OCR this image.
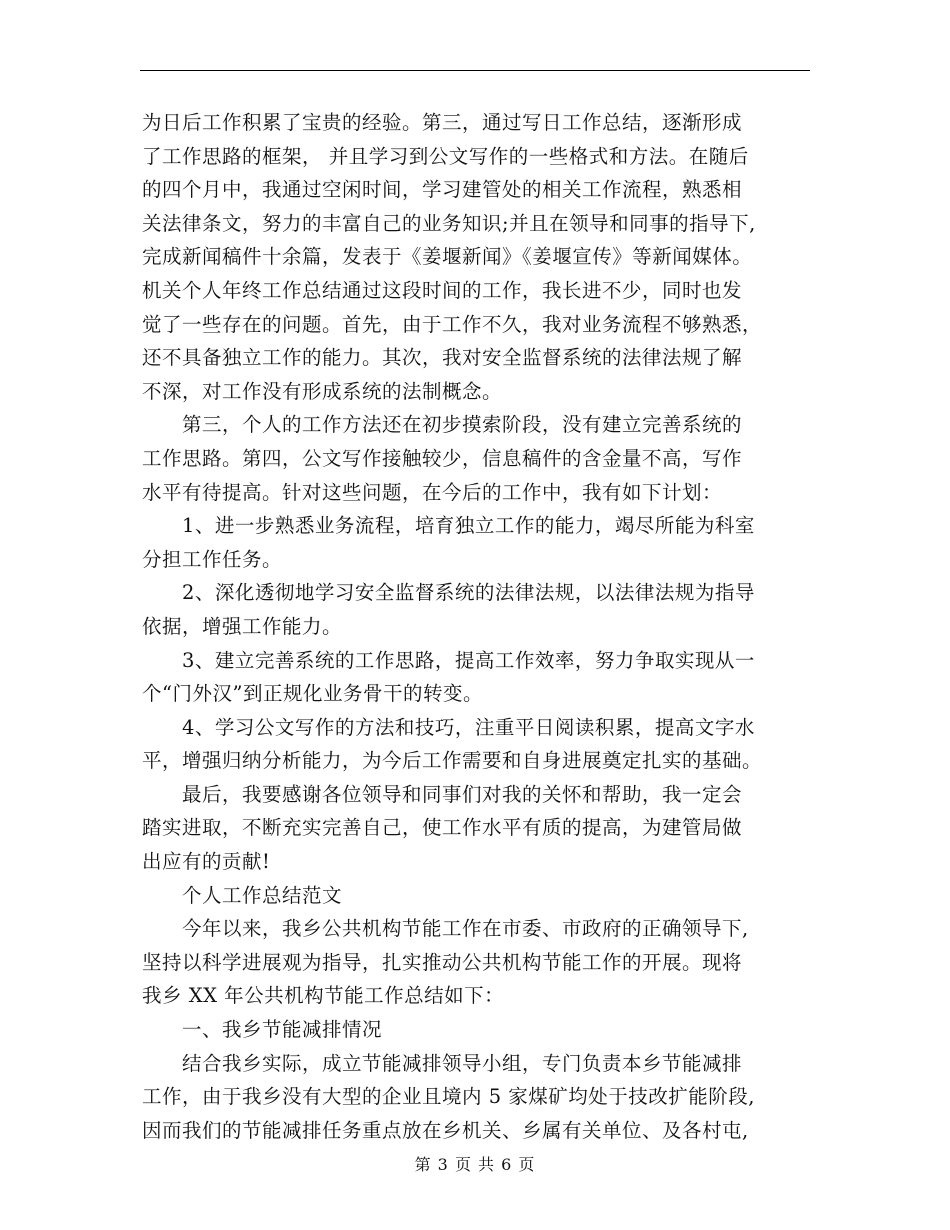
为日后工作积累了宝贵的经验。第三，通过写日工作总结，逐渐形成
了工作思路的框架， 并且学习到公文写作的一些格式和方法。在随后
的四个月中，我通过空闲时间，学习建管处的相关工作流程，熟悉相
关法律条文，努力的丰富自己的业务知识;并且在领导和同事的指导下,
完成新闻稿件十余篇，发表于《姜堰新闻》《姜堰宣传》等新闻媒体。
机关个人年终工作总结通过这段时间的工作，我长进不少，同时也发
觉了一些存在的问题。首先，由于工作不久，我对业务流程不够熟悉，
还不具备独立工作的能力。其次，我对安全监督系统的法律法规了解
不深，对工作没有形成系统的法制概念。
　　第三，个人的工作方法还在初步摸索阶段，没有建立完善系统的
工作思路。第四，公文写作接触较少，信息稿件的含金量不高，写作
水平有待提高。针对这些问题，在今后的工作中，我有如下计划：
　　1、进一步熟悉业务流程，培育独立工作的能力，竭尽所能为科室
分担工作任务。
　　2、深化透彻地学习安全监督系统的法律法规，以法律法规为指导
依据，增强工作能力。
　　3、建立完善系统的工作思路，提高工作效率，努力争取实现从一
个“门外汉”到正规化业务骨干的转变。
　　4、学习公文写作的方法和技巧，注重平日阅读积累，提高文字水
平，增强归纳分析能力，为今后工作需要和自身进展奠定扎实的基础。
　　最后，我要感谢各位领导和同事们对我的关怀和帮助，我一定会
踏实进取，不断充实完善自己，使工作水平有质的提高，为建管局做
出应有的贡献!
　　个人工作总结范文
　　今年以来，我乡公共机构节能工作在市委、市政府的正确领导下,
坚持以科学进展观为指导，扎实推动公共机构节能工作的开展。现将
我乡 XX 年公共机构节能工作总结如下：
　　一、我乡节能减排情况
　　结合我乡实际，成立节能减排领导小组，专门负责本乡节能减排
工作，由于我乡没有大型的企业且境内 5 家煤矿均处于技改扩能阶段,
因而我们的节能减排任务重点放在乡机关、乡属有关单位、及各村屯,
第 3 页 共 6 页
